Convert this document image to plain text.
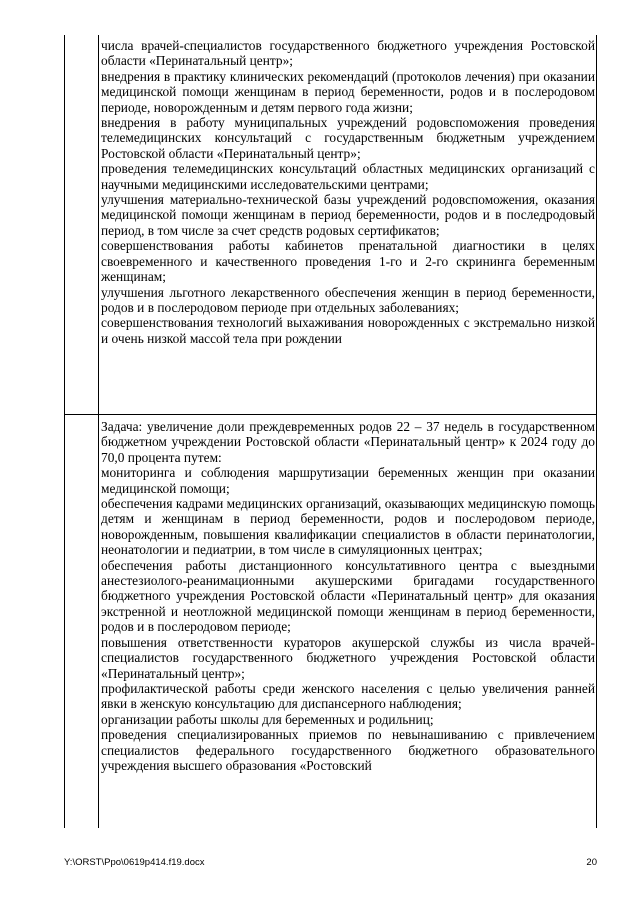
числа врачей-специалистов государственного бюджетного учреждения Ростовской области «Перинатальный центр»;

внедрения в практику клинических рекомендаций (протоколов лечения) при оказании медицинской помощи женщинам в период беременности, родов и в послеродовом периоде, новорожденным и детям первого года жизни;

внедрения в работу муниципальных учреждений родовспоможения проведения телемедицинских консультаций с государственным бюджетным учреждением Ростовской области «Перинатальный центр»;

проведения телемедицинских консультаций областных медицинских организаций с научными медицинскими исследовательскими центрами;

улучшения материально-технической базы учреждений родовспоможения, оказания медицинской помощи женщинам в период беременности, родов и в последродовый период, в том числе за счет средств родовых сертификатов;

совершенствования работы кабинетов пренатальной диагностики в целях своевременного и качественного проведения 1-го и 2-го скрининга беременным женщинам;

улучшения льготного лекарственного обеспечения женщин в период беременности, родов и в послеродовом периоде при отдельных заболеваниях;

совершенствования технологий выхаживания новорожденных с экстремально низкой и очень низкой массой тела при рождении

Задача: увеличение доли преждевременных родов 22 – 37 недель в государственном бюджетном учреждении Ростовской области «Перинатальный центр» к 2024 году до 70,0 процента путем:

мониторинга и соблюдения маршрутизации беременных женщин при оказании медицинской помощи;

обеспечения кадрами медицинских организаций, оказывающих медицинскую помощь детям и женщинам в период беременности, родов и послеродовом периоде, новорожденным, повышения квалификации специалистов в области перинатологии, неонатологии и педиатрии, в том числе в симуляционных центрах;

обеспечения работы дистанционного консультативного центра с выездными анестезиолого-реанимационными акушерскими бригадами государственного бюджетного учреждения Ростовской области «Перинатальный центр» для оказания экстренной и неотложной медицинской помощи женщинам в период беременности, родов и в послеродовом периоде;

повышения ответственности кураторов акушерской службы из числа врачей-специалистов государственного бюджетного учреждения Ростовской области «Перинатальный центр»;

профилактической работы среди женского населения с целью увеличения ранней явки в женскую консультацию для диспансерного наблюдения;

организации работы школы для беременных и родильниц;

проведения специализированных приемов по невынашиванию с привлечением специалистов федерального государственного бюджетного образовательного учреждения высшего образования «Ростовский

Y:\ORST\Ppo\0619p414.f19.docx	20
